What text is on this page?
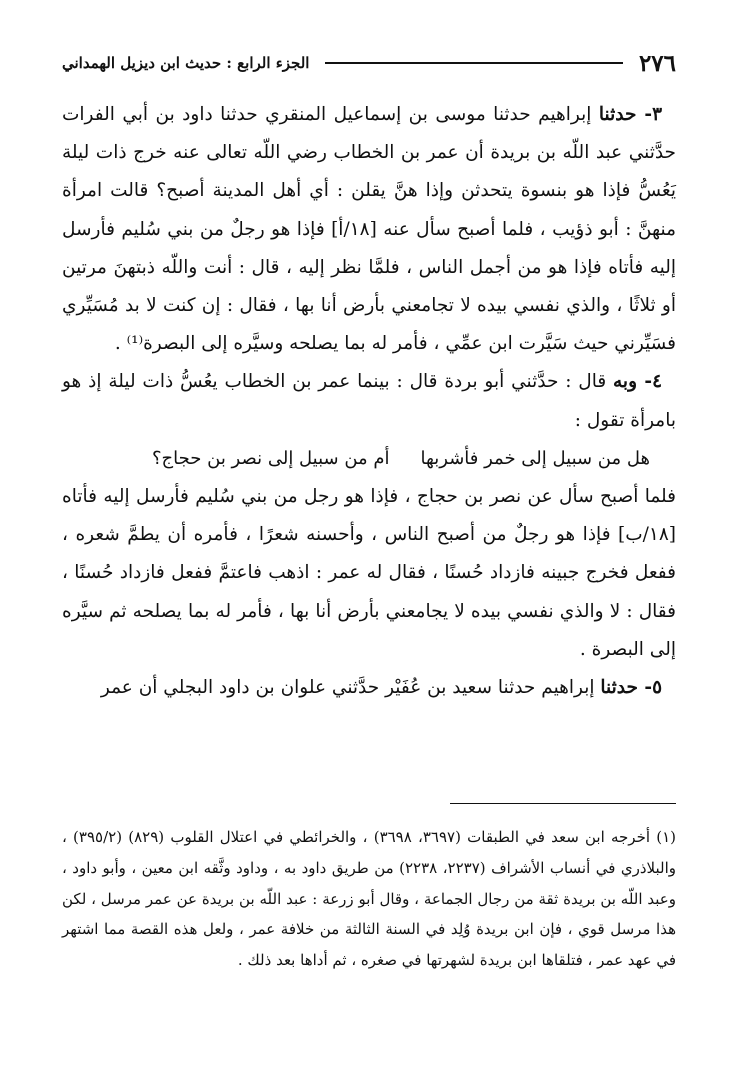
٢٧٦
الجزء الرابع : حديث ابن ديزيل الهمداني

٣- حدثنا إبراهيم حدثنا موسى بن إسماعيل المنقري حدثنا داود بن أبي الفرات حدَّثني عبد اللّه بن بريدة أن عمر بن الخطاب رضي اللّه تعالى عنه خرج ذات ليلة يَعُسُّ فإذا هو بنسوة يتحدثن وإذا هنَّ يقلن : أي أهل المدينة أصبح؟ قالت امرأة منهنَّ : أبو ذؤيب ، فلما أصبح سأل عنه [١٨/أ] فإذا هو رجلٌ من بني سُليم فأرسل إليه فأتاه فإذا هو من أجمل الناس ، فلمَّا نظر إليه ، قال : أنت واللّه ذبتهنَ مرتين أو ثلاثًا ، والذي نفسي بيده لا تجامعني بأرض أنا بها ، فقال : إن كنت لا بد مُسَيِّري فسَيِّرني حيث سَيَّرت ابن عمِّي ، فأمر له بما يصلحه وسيَّره إلى البصرة⁽¹⁾ .

٤- وبه قال : حدَّثني أبو بردة قال : بينما عمر بن الخطاب يعُسُّ ذات ليلة إذ هو بامرأة تقول :

هل من سبيل إلى خمر فأشربها
أم من سبيل إلى نصر بن حجاج؟

فلما أصبح سأل عن نصر بن حجاج ، فإذا هو رجل من بني سُليم فأرسل إليه فأتاه [١٨/ب] فإذا هو رجلٌ من أصبح الناس ، وأحسنه شعرًا ، فأمره أن يطمَّ شعره ، ففعل فخرج جبينه فازداد حُسنًا ، فقال له عمر : اذهب فاعتمَّ ففعل فازداد حُسنًا ، فقال : لا والذي نفسي بيده لا يجامعني بأرض أنا بها ، فأمر له بما يصلحه ثم سيَّره إلى البصرة .

٥- حدثنا إبراهيم حدثنا سعيد بن عُفَيْر حدَّثني علوان بن داود البجلي أن عمر

(١) أخرجه ابن سعد في الطبقات (٣٦٩٧، ٣٦٩٨) ، والخرائطي في اعتلال القلوب (٨٢٩) (٣٩٥/٢) ، والبلاذري في أنساب الأشراف (٢٢٣٧، ٢٢٣٨) من طريق داود به ، وداود وثَّقه ابن معين ، وأبو داود ، وعبد اللّه بن بريدة ثقة من رجال الجماعة ، وقال أبو زرعة : عبد اللّه بن بريدة عن عمر مرسل ، لكن هذا مرسل قوي ، فإن ابن بريدة وُلِد في السنة الثالثة من خلافة عمر ، ولعل هذه القصة مما اشتهر في عهد عمر ، فتلقاها ابن بريدة لشهرتها في صغره ، ثم أداها بعد ذلك .
